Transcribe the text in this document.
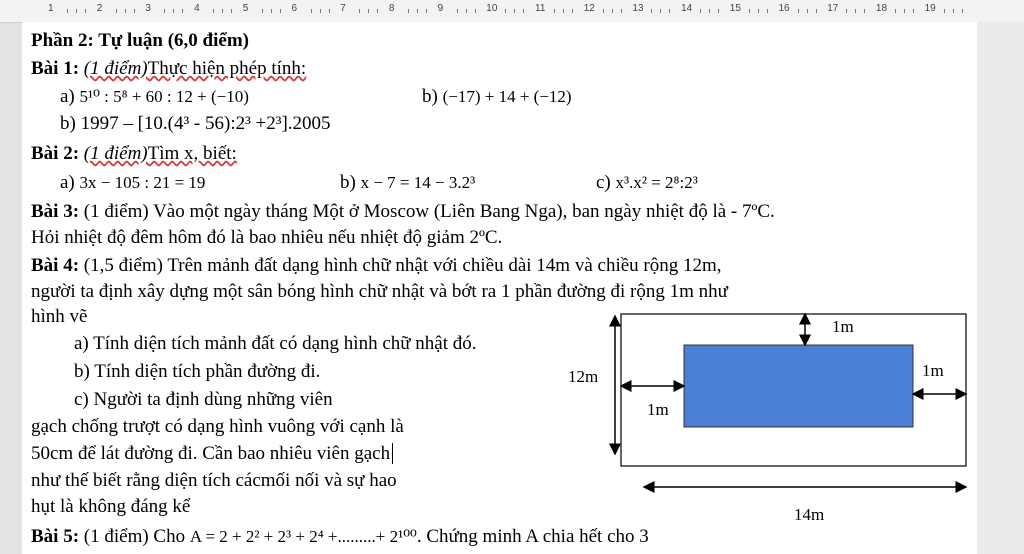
1	2	3	4	5	6	7	8	9	10	11	12	13	14	15	16	17	18	19
Phần 2: Tự luận (6,0 điểm)
Bài 1: (1 điểm)Thực hiện phép tính:
a) 5¹⁰ : 5⁸ + 60 : 12 + (−10)	b) (−17) + 14 + (−12)
b) 1997 – [10.(4³ - 56):2³ +2³].2005
Bài 2: (1 điểm)Tìm x, biết:
a) 3x − 105 : 21 = 19	b) x − 7 = 14 − 3.2³	c) x³.x² = 2⁸:2³
Bài 3: (1 điểm) Vào một ngày tháng Một ở Moscow (Liên Bang Nga), ban ngày nhiệt độ là - 7ºC.
Hỏi nhiệt độ đêm hôm đó là bao nhiêu nếu nhiệt độ giảm 2ºC.
Bài 4: (1,5 điểm) Trên mảnh đất dạng hình chữ nhật với chiều dài 14m và chiều rộng 12m,
người ta định xây dựng một sân bóng hình chữ nhật và bớt ra 1 phần đường đi rộng 1m như
hình vẽ
a) Tính diện tích mảnh đất có dạng hình chữ nhật đó.
b) Tính diện tích phần đường đi.
c) Người ta định dùng những viên
gạch chống trượt có dạng hình vuông với cạnh là
50cm để lát đường đi. Cần bao nhiêu viên gạch
như thế biết rằng diện tích cácmối nối và sự hao
hụt là không đáng kể
1m
1m
1m
12m
14m
Bài 5: (1 điểm) Cho A = 2 + 2² + 2³ + 2⁴ +.........+ 2¹⁰⁰. Chứng minh A chia hết cho 3
